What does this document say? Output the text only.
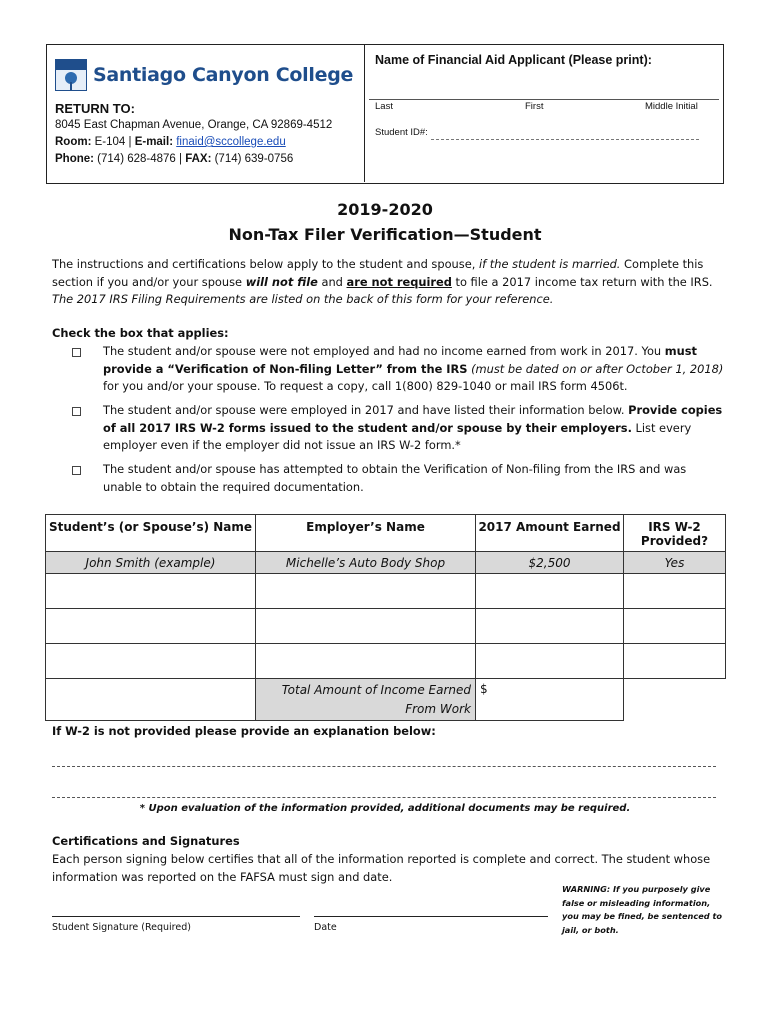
Santiago Canyon College
RETURN TO:
8045 East Chapman Avenue, Orange, CA 92869-4512
Room: E-104 | E-mail: finaid@sccollege.edu
Phone: (714) 628-4876 | FAX: (714) 639-0756
Name of Financial Aid Applicant (Please print):
Last	First	Middle Initial
Student ID#:
2019-2020
Non-Tax Filer Verification—Student
The instructions and certifications below apply to the student and spouse, if the student is married. Complete this section if you and/or your spouse will not file and are not required to file a 2017 income tax return with the IRS. The 2017 IRS Filing Requirements are listed on the back of this form for your reference.
Check the box that applies:
The student and/or spouse were not employed and had no income earned from work in 2017. You must provide a “Verification of Non-filing Letter” from the IRS (must be dated on or after October 1, 2018) for you and/or your spouse. To request a copy, call 1(800) 829-1040 or mail IRS form 4506t.
The student and/or spouse were employed in 2017 and have listed their information below. Provide copies of all 2017 IRS W-2 forms issued to the student and/or spouse by their employers. List every employer even if the employer did not issue an IRS W-2 form.*
The student and/or spouse has attempted to obtain the Verification of Non-filing from the IRS and was unable to obtain the required documentation.
Student’s (or Spouse’s) Name	Employer’s Name	2017 Amount Earned	IRS W-2 Provided?
John Smith (example)	Michelle’s Auto Body Shop	$2,500	Yes

	Total Amount of Income Earned From Work	$	
If W-2 is not provided please provide an explanation below:
* Upon evaluation of the information provided, additional documents may be required.
Certifications and Signatures
Each person signing below certifies that all of the information reported is complete and correct. The student whose information was reported on the FAFSA must sign and date.
WARNING: If you purposely give false or misleading information, you may be fined, be sentenced to jail, or both.
Student Signature (Required)	Date
